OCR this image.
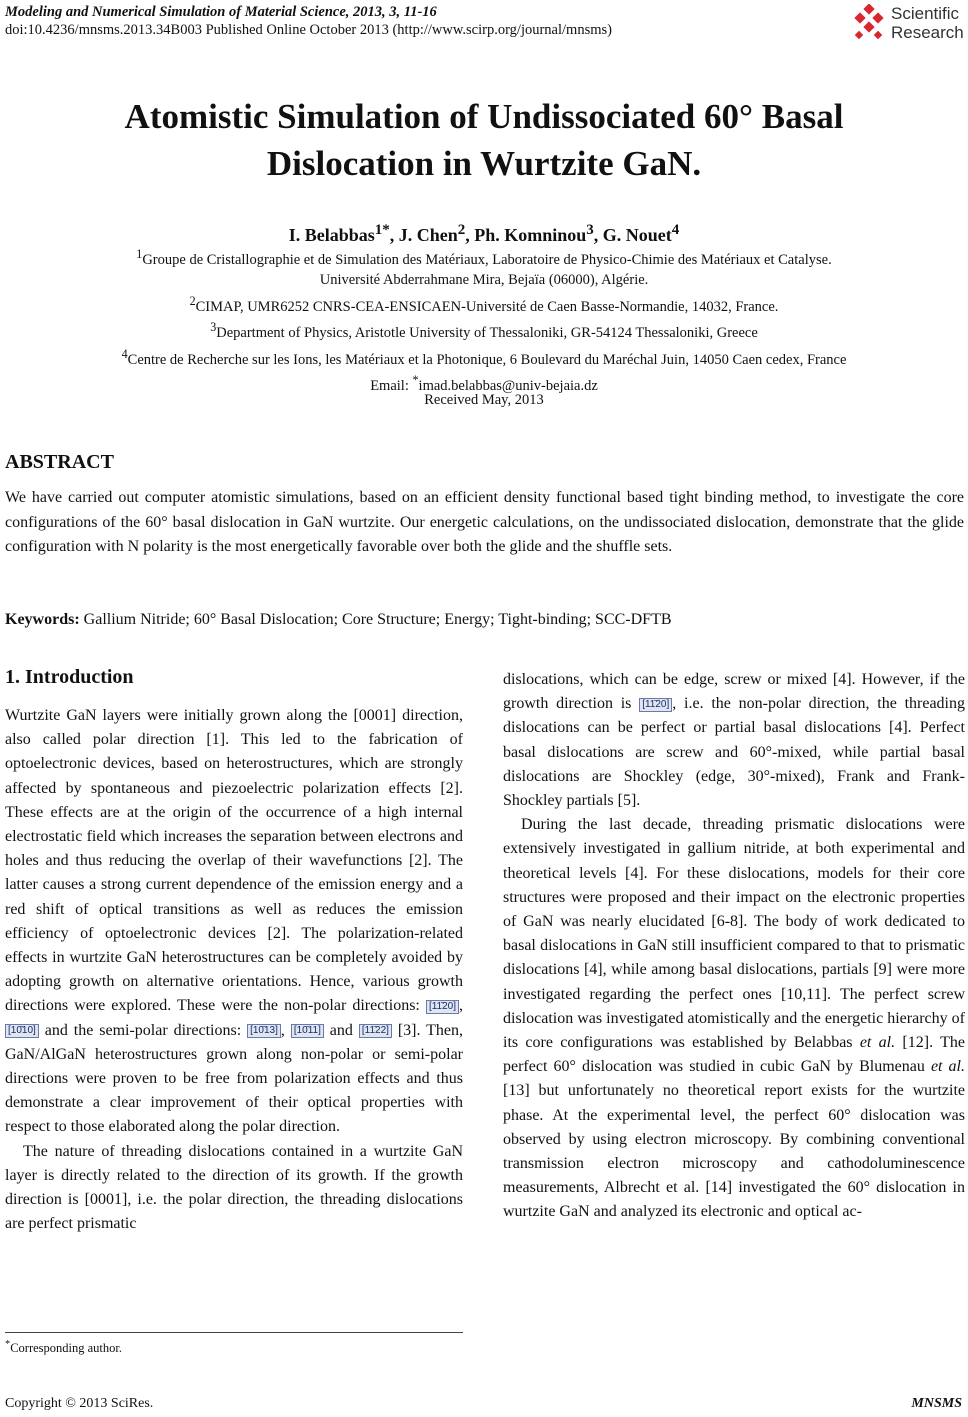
Modeling and Numerical Simulation of Material Science, 2013, 3, 11-16
doi:10.4236/mnsms.2013.34B003 Published Online October 2013 (http://www.scirp.org/journal/mnsms)
Scientific
Research
Atomistic Simulation of Undissociated 60° Basal
Dislocation in Wurtzite GaN.
I. Belabbas$^{1*}$, J. Chen$^2$, Ph. Komninou$^3$, G. Nouet$^4$
$^1$Groupe de Cristallographie et de Simulation des Matériaux, Laboratoire de Physico-Chimie des Matériaux et Catalyse.
Université Abderrahmane Mira, Bejaïa (06000), Algérie.
$^2$CIMAP, UMR6252 CNRS-CEA-ENSICAEN-Université de Caen Basse-Normandie, 14032, France.
$^3$Department of Physics, Aristotle University of Thessaloniki, GR-54124 Thessaloniki, Greece
$^4$Centre de Recherche sur les Ions, les Matériaux et la Photonique, 6 Boulevard du Maréchal Juin, 14050 Caen cedex, France
Email: *imad.belabbas@univ-bejaia.dz
Received May, 2013
ABSTRACT
We have carried out computer atomistic simulations, based on an efficient density functional based tight binding method, to investigate the core configurations of the 60° basal dislocation in GaN wurtzite. Our energetic calculations, on the undissociated dislocation, demonstrate that the glide configuration with N polarity is the most energetically favorable over both the glide and the shuffle sets.
Keywords: Gallium Nitride; 60° Basal Dislocation; Core Structure; Energy; Tight-binding; SCC-DFTB
1. Introduction

Wurtzite GaN layers were initially grown along the [0001] direction, also called polar direction [1]. This led to the fabrication of optoelectronic devices, based on heterostructures, which are strongly affected by spontaneous and piezoelectric polarization effects [2]. These effects are at the origin of the occurrence of a high internal electrostatic field which increases the separation between electrons and holes and thus reducing the overlap of their wavefunctions [2]. The latter causes a strong current dependence of the emission energy and a red shift of optical transitions as well as reduces the emission efficiency of optoelectronic devices [2]. The polarization-related effects in wurtzite GaN heterostructures can be completely avoided by adopting growth on alternative orientations. Hence, various growth directions were explored. These were the non-polar directions: [11̄20] , [10̄10] and the semi-polar directions: [10̄13] , [10̄11] and [11̄22] [3]. Then, GaN/AlGaN heterostructures grown along non-polar or semi-polar directions were proven to be free from polarization effects and thus demonstrate a clear improvement of their optical properties with respect to those elaborated along the polar direction.

The nature of threading dislocations contained in a wurtzite GaN layer is directly related to the direction of its growth. If the growth direction is [0001], i.e. the polar direction, the threading dislocations are perfect prismatic

dislocations, which can be edge, screw or mixed [4]. However, if the growth direction is [11̄20] , i.e. the non-polar direction, the threading dislocations can be perfect or partial basal dislocations [4]. Perfect basal dislocations are screw and 60°-mixed, while partial basal dislocations are Shockley (edge, 30°-mixed), Frank and Frank-Shockley partials [5].

During the last decade, threading prismatic dislocations were extensively investigated in gallium nitride, at both experimental and theoretical levels [4]. For these dislocations, models for their core structures were proposed and their impact on the electronic properties of GaN was nearly elucidated [6-8]. The body of work dedicated to basal dislocations in GaN still insufficient compared to that to prismatic dislocations [4], while among basal dislocations, partials [9] were more investigated regarding the perfect ones [10,11]. The perfect screw dislocation was investigated atomistically and the energetic hierarchy of its core configurations was established by Belabbas et al. [12]. The perfect 60° dislocation was studied in cubic GaN by Blumenau et al. [13] but unfortunately no theoretical report exists for the wurtzite phase. At the experimental level, the perfect 60° dislocation was observed by using electron microscopy. By combining conventional transmission electron microscopy and cathodoluminescence measurements, Albrecht et al. [14] investigated the 60° dislocation in wurtzite GaN and analyzed its electronic and optical ac-

*Corresponding author.
Copyright © 2013 SciRes.	MNSMS
